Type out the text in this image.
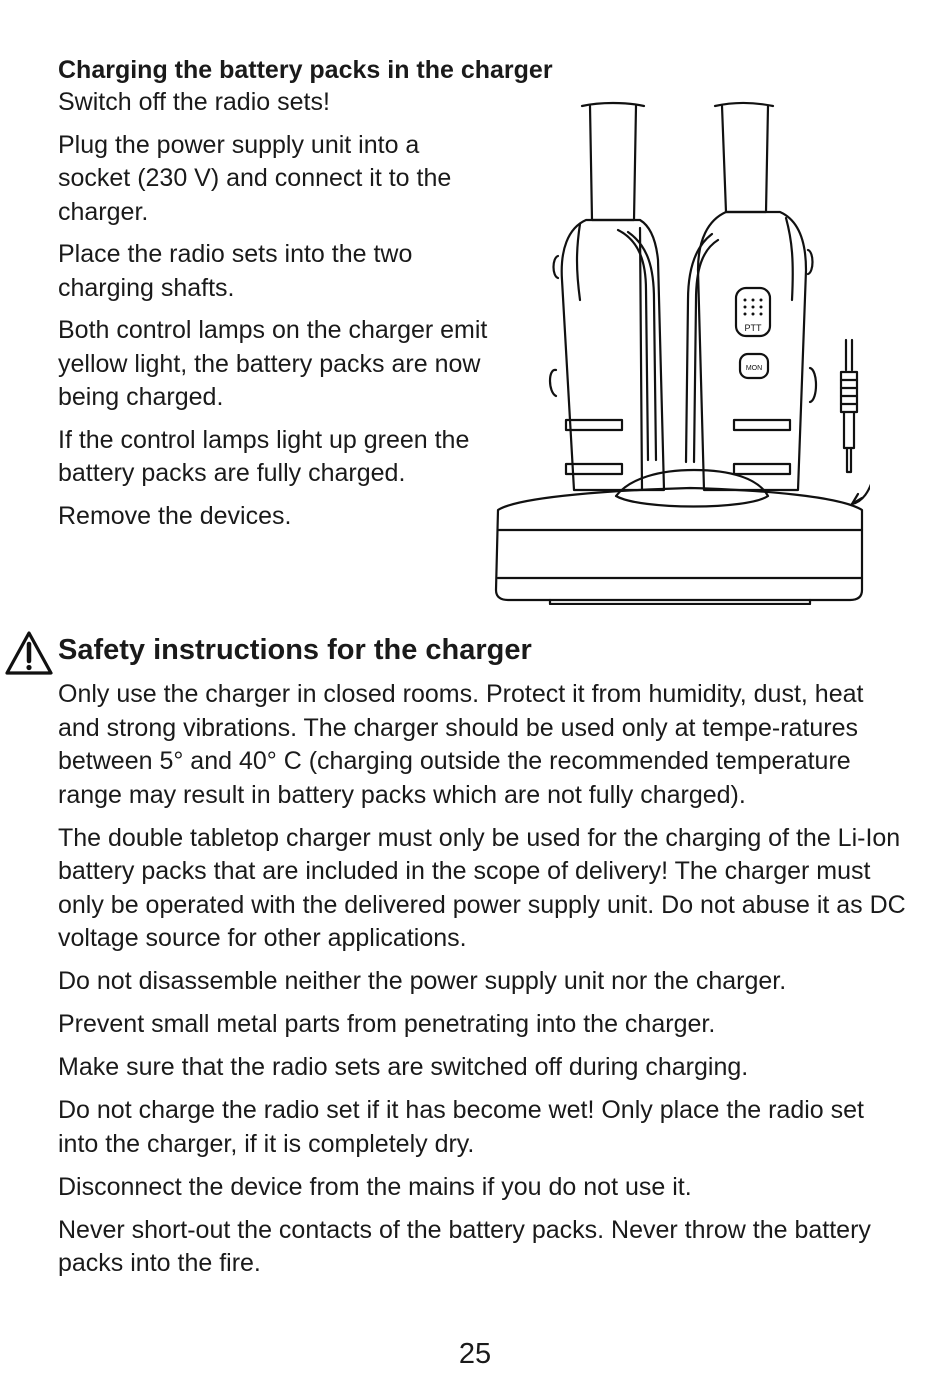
Charging the battery packs in the charger

Switch off the radio sets!

Plug the power supply unit into a socket (230 V) and connect it to the charger.

Place the radio sets into the two charging shafts.

Both control lamps on the charger emit yellow light, the battery packs are now being charged.

If the control lamps light up green the battery packs are fully charged.

Remove the devices.

PTT
MON

Safety instructions for the charger

Only use the charger in closed rooms. Protect it from humidity, dust, heat and strong vibrations. The charger should be used only at tempe-ratures between 5° and 40° C (charging outside the recommended temperature range may result in battery packs which are not fully charged).

The double tabletop charger must only be used for the charging of the Li-Ion battery packs that are included in the scope of delivery! The charger must only be operated with the delivered power supply unit. Do not abuse it as DC voltage source for other applications.

Do not disassemble neither the power supply unit nor the charger.

Prevent small metal parts from penetrating into the charger.

Make sure that the radio sets are switched off during charging.

Do not charge the radio set if it has become wet! Only place the radio set into the charger, if it is completely dry.

Disconnect the device from the mains if you do not use it.

Never short-out the contacts of the battery packs. Never throw the battery packs into the fire.

25
